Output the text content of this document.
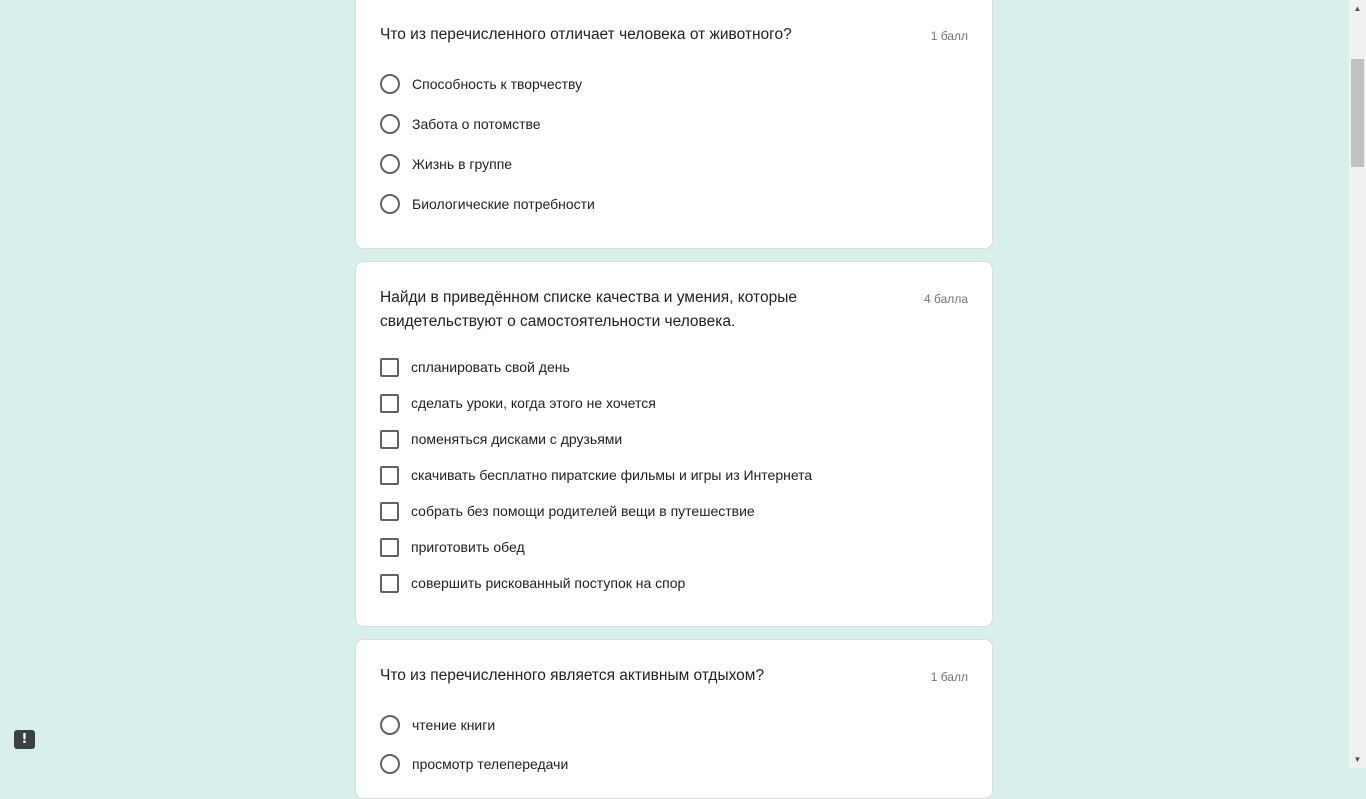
Что из перечисленного отличает человека от животного?	1 балл
Способность к творчеству
Забота о потомстве
Жизнь в группе
Биологические потребности
Найди в приведённом списке качества и умения, которые свидетельствуют о самостоятельности человека.
4 балла
спланировать свой день
сделать уроки, когда этого не хочется
поменяться дисками с друзьями
скачивать бесплатно пиратские фильмы и игры из Интернета
собрать без помощи родителей вещи в путешествие
приготовить обед
совершить рискованный поступок на спор
Что из перечисленного является активным отдыхом?	1 балл
чтение книги
просмотр телепередачи
!
▲
▼
